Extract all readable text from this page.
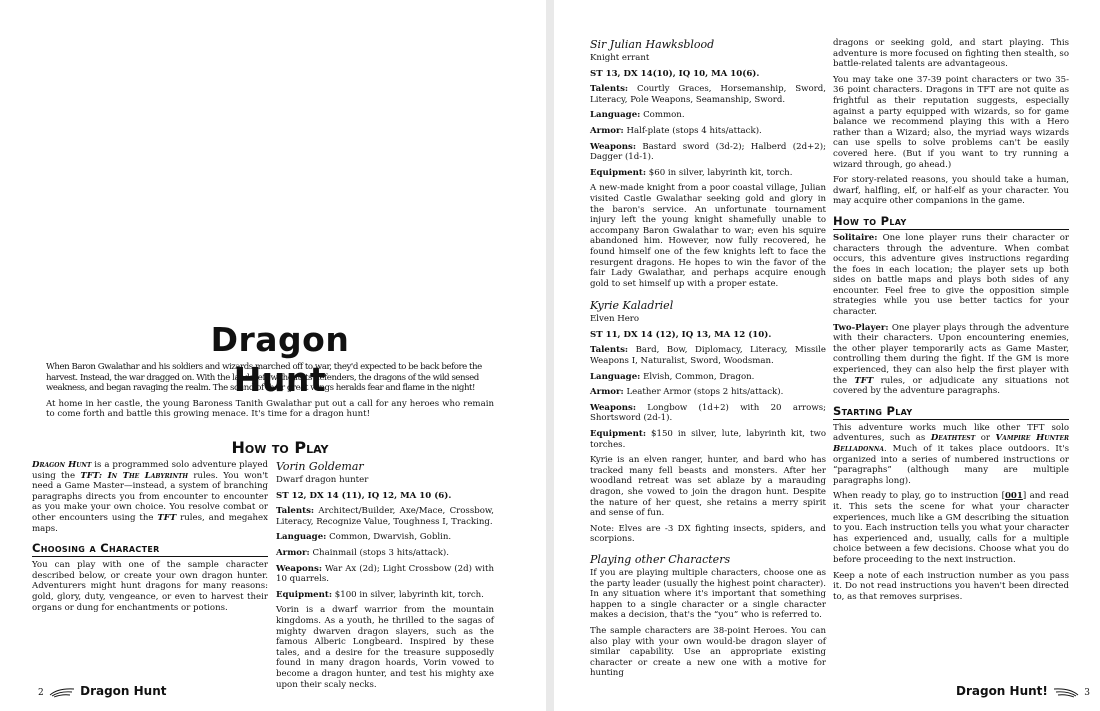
Dragon Hunt

When Baron Gwalathar and his soldiers and wizards marched off to war, they'd expected to be back before the harvest. Instead, the war dragged on. With the lands left without its defenders, the dragons of the wild sensed weakness, and began ravaging the realm. The sound of their great wings heralds fear and flame in the night!

At home in her castle, the young Baroness Tanith Gwalathar put out a call for any heroes who remain to come forth and battle this growing menace. It's time for a dragon hunt!

How to Play

Dragon Hunt is a programmed solo adventure played using the TFT: In The Labyrinth rules. You won't need a Game Master—instead, a system of branching paragraphs directs you from encounter to encounter as you make your own choice. You resolve combat or other encounters using the TFT rules, and megahex maps.

Choosing a Character

You can play with one of the sample character described below, or create your own dragon hunter. Adventurers might hunt dragons for many reasons: gold, glory, duty, vengeance, or even to harvest their organs or dung for enchantments or potions.

Vorin Goldemar

Dwarf dragon hunter

ST 12, DX 14 (11), IQ 12, MA 10 (6).

Talents: Architect/Builder, Axe/Mace, Crossbow, Literacy, Recognize Value, Toughness I, Tracking.

Language: Common, Dwarvish, Goblin.

Armor: Chainmail (stops 3 hits/attack).

Weapons: War Ax (2d); Light Crossbow (2d) with 10 quarrels.

Equipment: $100 in silver, labyrinth kit, torch.

Vorin is a dwarf warrior from the mountain kingdoms. As a youth, he thrilled to the sagas of mighty dwarven dragon slayers, such as the famous Alberic Longbeard. Inspired by these tales, and a desire for the treasure supposedly found in many dragon hoards, Vorin vowed to become a dragon hunter, and test his mighty axe upon their scaly necks.

2	Dragon Hunt
Sir Julian Hawksblood

Knight errant

ST 13, DX 14(10), IQ 10, MA 10(6).

Talents: Courtly Graces, Horsemanship, Sword, Literacy, Pole Weapons, Seamanship, Sword.

Language: Common.

Armor: Half-plate (stops 4 hits/attack).

Weapons: Bastard sword (3d-2); Halberd (2d+2); Dagger (1d-1).

Equipment: $60 in silver, labyrinth kit, torch.

A new-made knight from a poor coastal village, Julian visited Castle Gwalathar seeking gold and glory in the baron's service. An unfortunate tournament injury left the young knight shamefully unable to accompany Baron Gwalathar to war; even his squire abandoned him. However, now fully recovered, he found himself one of the few knights left to face the resurgent dragons. He hopes to win the favor of the fair Lady Gwalathar, and perhaps acquire enough gold to set himself up with a proper estate.

Kyrie Kaladriel

Elven Hero

ST 11, DX 14 (12), IQ 13, MA 12 (10).

Talents: Bard, Bow, Diplomacy, Literacy, Missile Weapons I, Naturalist, Sword, Woodsman.

Language: Elvish, Common, Dragon.

Armor: Leather Armor (stops 2 hits/attack).

Weapons: Longbow (1d+2) with 20 arrows; Shortsword (2d-1).

Equipment: $150 in silver, lute, labyrinth kit, two torches.

Kyrie is an elven ranger, hunter, and bard who has tracked many fell beasts and monsters. After her woodland retreat was set ablaze by a marauding dragon, she vowed to join the dragon hunt. Despite the nature of her quest, she retains a merry spirit and sense of fun.

Note: Elves are -3 DX fighting insects, spiders, and scorpions.

Playing other Characters

If you are playing multiple characters, choose one as the party leader (usually the highest point character). In any situation where it's important that something happen to a single character or a single character makes a decision, that's the “you” who is referred to.

The sample characters are 38-point Heroes. You can also play with your own would-be dragon slayer of similar capability. Use an appropriate existing character or create a new one with a motive for hunting

dragons or seeking gold, and start playing. This adventure is more focused on fighting then stealth, so battle-related talents are advantageous.

You may take one 37-39 point characters or two 35-36 point characters. Dragons in TFT are not quite as frightful as their reputation suggests, especially against a party equipped with wizards, so for game balance we recommend playing this with a Hero rather than a Wizard; also, the myriad ways wizards can use spells to solve problems can't be easily covered here. (But if you want to try running a wizard through, go ahead.)

For story-related reasons, you should take a human, dwarf, halfling, elf, or half-elf as your character. You may acquire other companions in the game.

How to Play

Solitaire: One lone player runs their character or characters through the adventure. When combat occurs, this adventure gives instructions regarding the foes in each location; the player sets up both sides on battle maps and plays both sides of any encounter. Feel free to give the opposition simple strategies while you use better tactics for your character.

Two-Player: One player plays through the adventure with their characters. Upon encountering enemies, the other player temporarily acts as Game Master, controlling them during the fight. If the GM is more experienced, they can also help the first player with the TFT rules, or adjudicate any situations not covered by the adventure paragraphs.

Starting Play

This adventure works much like other TFT solo adventures, such as Deathtest or Vampire Hunter Belladonna. Much of it takes place outdoors. It's organized into a series of numbered instructions or “paragraphs” (although many are multiple paragraphs long).

When ready to play, go to instruction [001] and read it. This sets the scene for what your character experiences, much like a GM describing the situation to you. Each instruction tells you what your character has experienced and, usually, calls for a multiple choice between a few decisions. Choose what you do before proceeding to the next instruction.

Keep a note of each instruction number as you pass it. Do not read instructions you haven't been directed to, as that removes surprises.

Dragon Hunt!	3
